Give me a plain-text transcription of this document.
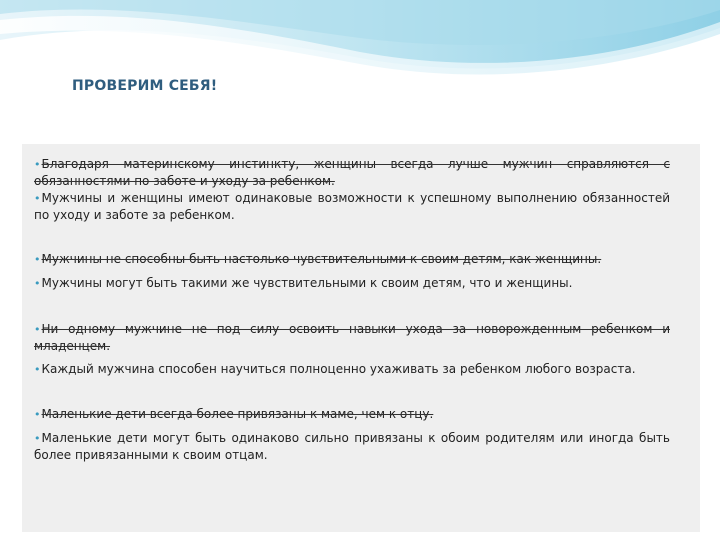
ПРОВЕРИМ СЕБЯ!

•Благодаря материнскому инстинкту, женщины всегда лучше мужчин справляются с обязанностями по заботе и уходу за ребенком.

•Мужчины и женщины имеют одинаковые возможности к успешному выполнению обязанностей по уходу и заботе за ребенком.

•Мужчины не способны быть настолько чувствительными к своим детям, как женщины.

•Мужчины могут быть такими же чувствительными к своим детям, что и женщины.

•Ни одному мужчине не под силу освоить навыки ухода за новорожденным ребенком и младенцем.

•Каждый мужчина способен научиться полноценно ухаживать за ребенком любого возраста.

•Маленькие дети всегда более привязаны к маме, чем к отцу.

•Маленькие дети могут быть одинаково сильно привязаны к обоим родителям или иногда быть более привязанными к своим отцам.
